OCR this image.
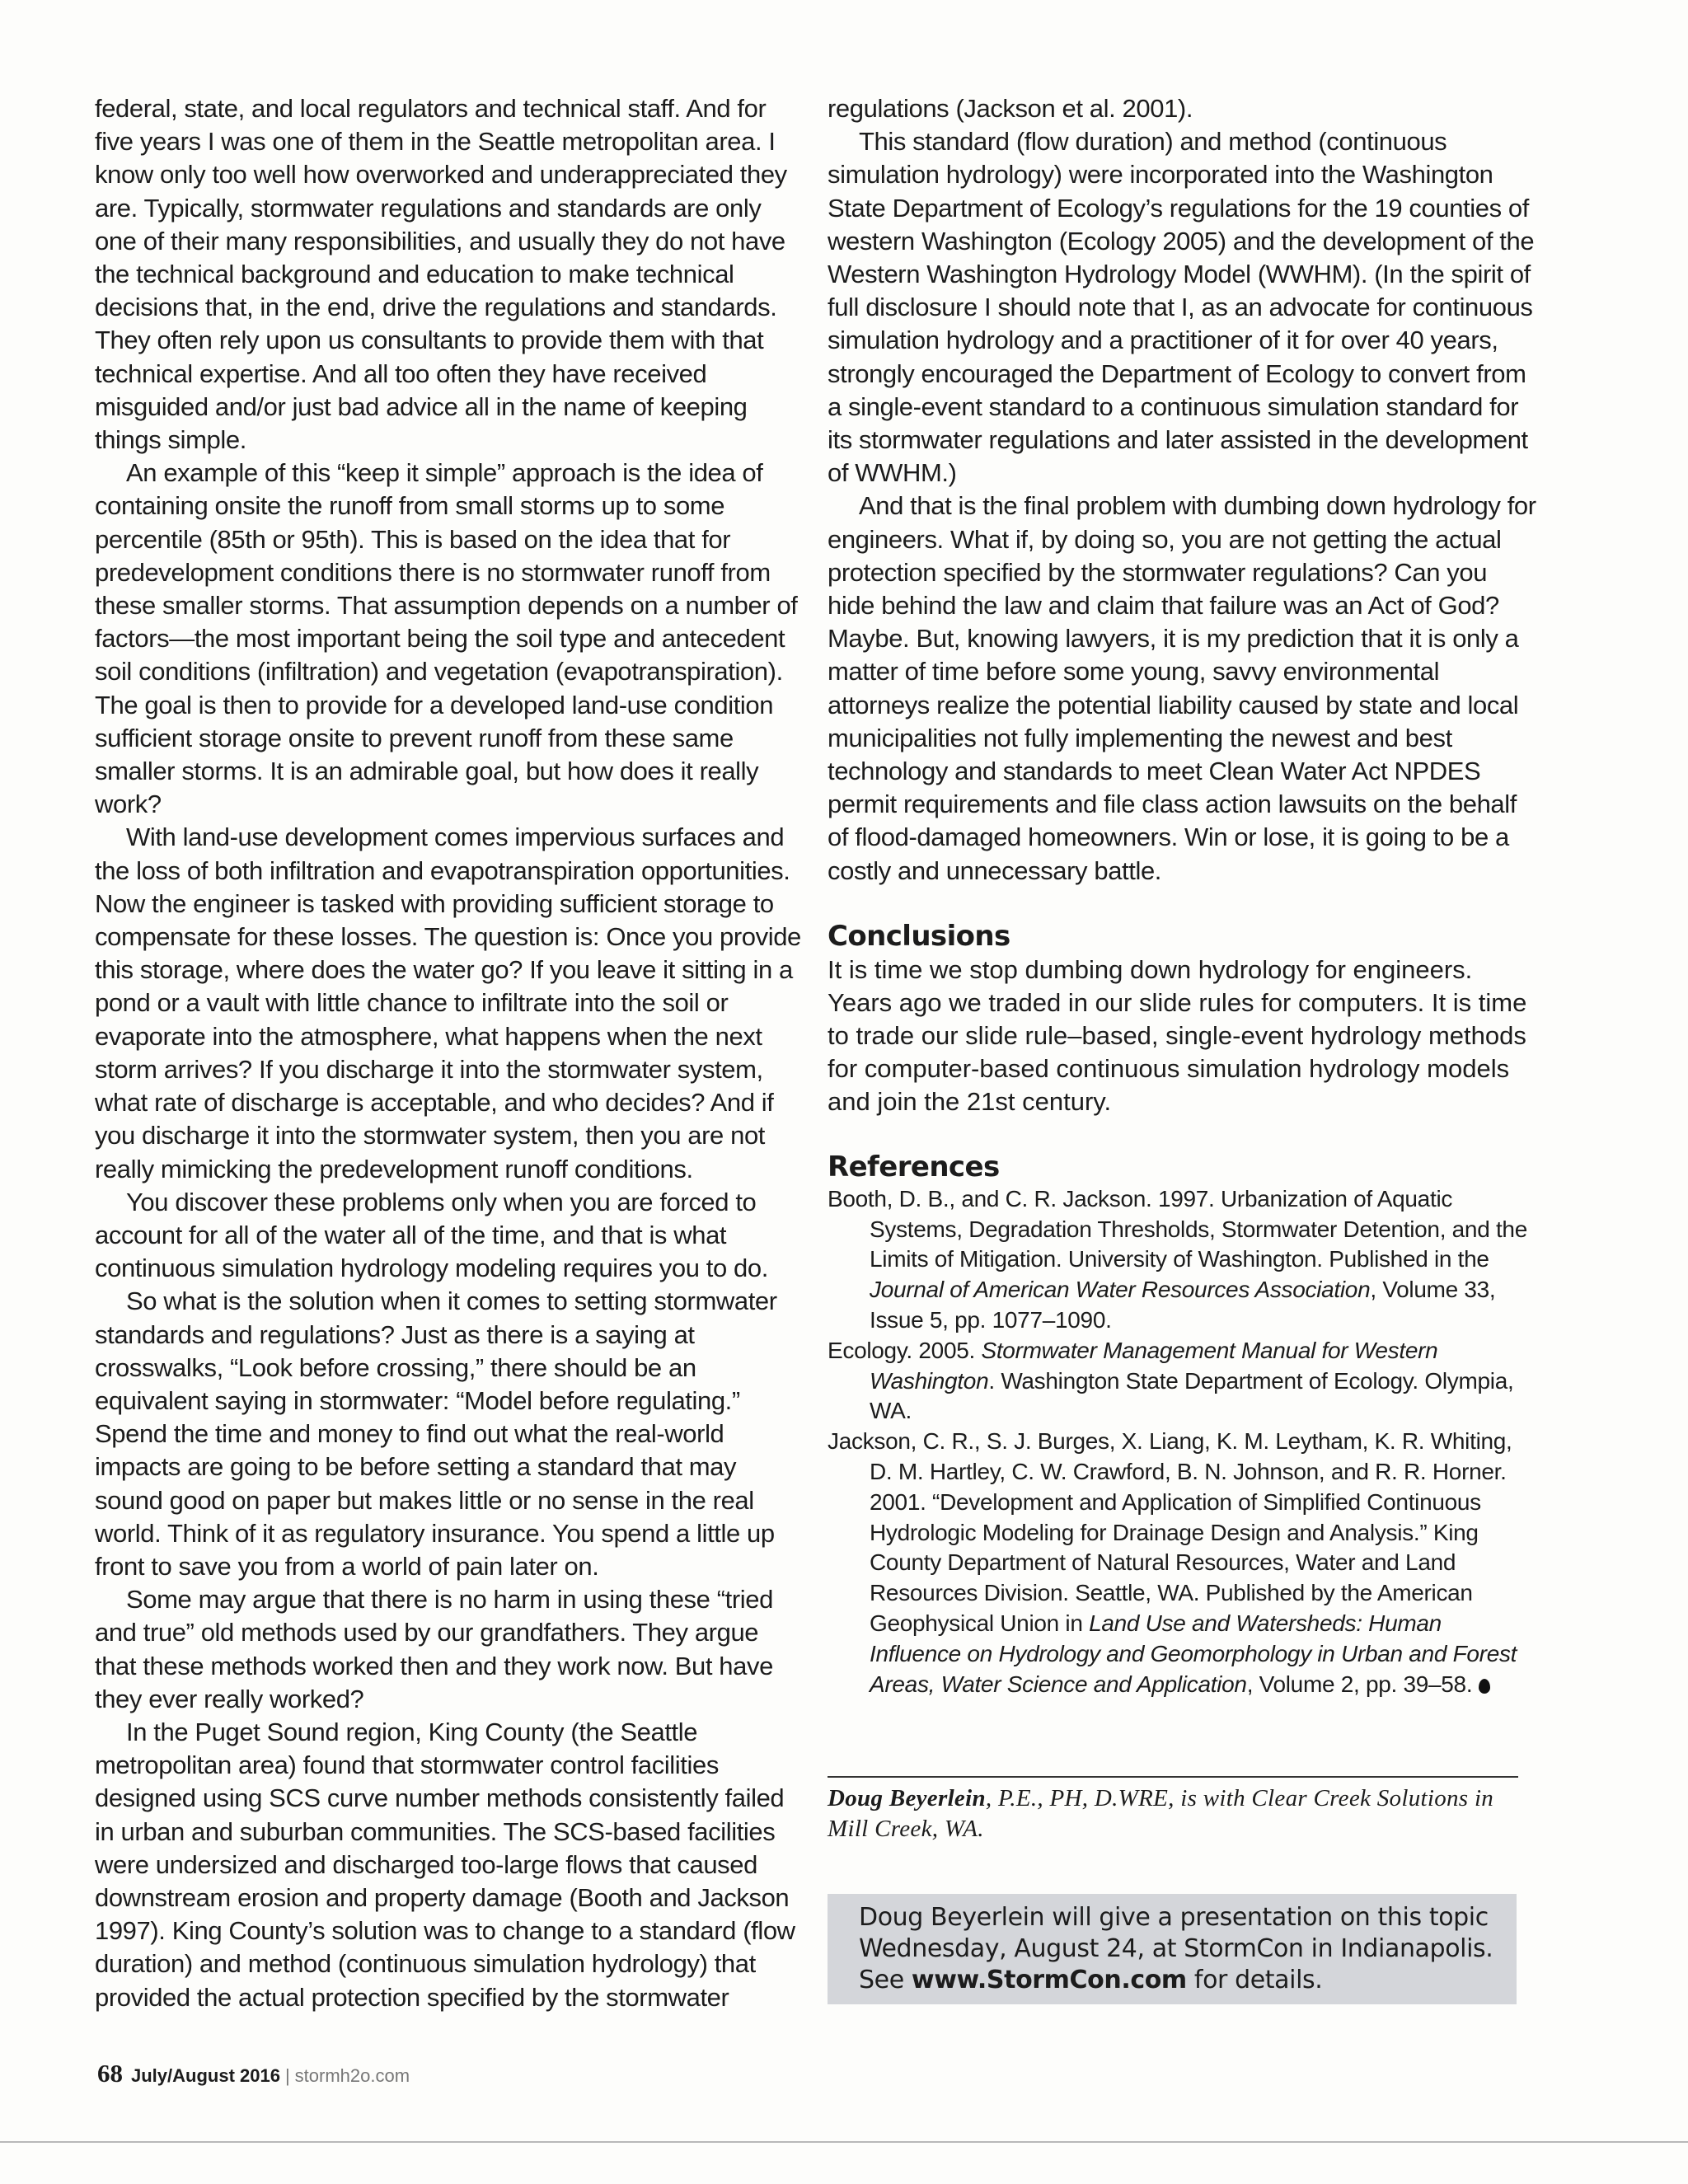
federal, state, and local regulators and technical staff. And for five years I was one of them in the Seattle metropolitan area. I know only too well how overworked and underappreciated they are. Typically, stormwater regulations and standards are only one of their many responsibilities, and usually they do not have the technical background and education to make technical decisions that, in the end, drive the regulations and standards. They often rely upon us consultants to provide them with that technical expertise. And all too often they have received misguided and/or just bad advice all in the name of keeping things simple.

An example of this “keep it simple” approach is the idea of containing onsite the runoff from small storms up to some percentile (85th or 95th). This is based on the idea that for predevelopment conditions there is no stormwater runoff from these smaller storms. That assumption depends on a number of factors—the most important being the soil type and antecedent soil conditions (infiltration) and vegetation (evapotranspiration). The goal is then to provide for a developed land-use condition sufficient storage onsite to prevent runoff from these same smaller storms. It is an admirable goal, but how does it really work?

With land-use development comes impervious surfaces and the loss of both infiltration and evapotranspiration opportunities. Now the engineer is tasked with providing sufficient storage to compensate for these losses. The question is: Once you provide this storage, where does the water go? If you leave it sitting in a pond or a vault with little chance to infiltrate into the soil or evaporate into the atmosphere, what happens when the next storm arrives? If you discharge it into the stormwater system, what rate of discharge is acceptable, and who decides? And if you discharge it into the stormwater system, then you are not really mimicking the predevelopment runoff conditions.

You discover these problems only when you are forced to account for all of the water all of the time, and that is what continuous simulation hydrology modeling requires you to do.

So what is the solution when it comes to setting stormwater standards and regulations? Just as there is a saying at crosswalks, “Look before crossing,” there should be an equivalent saying in stormwater: “Model before regulating.” Spend the time and money to find out what the real-world impacts are going to be before setting a standard that may sound good on paper but makes little or no sense in the real world. Think of it as regulatory insurance. You spend a little up front to save you from a world of pain later on.

Some may argue that there is no harm in using these “tried and true” old methods used by our grandfathers. They argue that these methods worked then and they work now. But have they ever really worked?

In the Puget Sound region, King County (the Seattle metropolitan area) found that stormwater control facilities designed using SCS curve number methods consistently failed in urban and suburban communities. The SCS-based facilities were undersized and discharged too-large flows that caused downstream erosion and property damage (Booth and Jackson 1997). King County’s solution was to change to a standard (flow duration) and method (continuous simulation hydrology) that provided the actual protection specified by the stormwater

regulations (Jackson et al. 2001).

This standard (flow duration) and method (continuous simulation hydrology) were incorporated into the Washington State Department of Ecology’s regulations for the 19 counties of western Washington (Ecology 2005) and the development of the Western Washington Hydrology Model (WWHM). (In the spirit of full disclosure I should note that I, as an advocate for continuous simulation hydrology and a practitioner of it for over 40 years, strongly encouraged the Department of Ecology to convert from a single-event standard to a continuous simulation standard for its stormwater regulations and later assisted in the development of WWHM.)

And that is the final problem with dumbing down hydrology for engineers. What if, by doing so, you are not getting the actual protection specified by the stormwater regulations? Can you hide behind the law and claim that failure was an Act of God? Maybe. But, knowing lawyers, it is my prediction that it is only a matter of time before some young, savvy environmental attorneys realize the potential liability caused by state and local municipalities not fully implementing the newest and best technology and standards to meet Clean Water Act NPDES permit requirements and file class action lawsuits on the behalf of flood-damaged homeowners. Win or lose, it is going to be a costly and unnecessary battle.

Conclusions

It is time we stop dumbing down hydrology for engineers. Years ago we traded in our slide rules for computers. It is time to trade our slide rule–based, single-event hydrology methods for computer-based continuous simulation hydrology models and join the 21st century.

References

Booth, D. B., and C. R. Jackson. 1997. Urbanization of Aquatic Systems, Degradation Thresholds, Stormwater Detention, and the Limits of Mitigation. University of Washington. Published in the Journal of American Water Resources Association, Volume 33, Issue 5, pp. 1077–1090.

Ecology. 2005. Stormwater Management Manual for Western Washington. Washington State Department of Ecology. Olympia, WA.

Jackson, C. R., S. J. Burges, X. Liang, K. M. Leytham, K. R. Whiting, D. M. Hartley, C. W. Crawford, B. N. Johnson, and R. R. Horner. 2001. “Development and Application of Simplified Continuous Hydrologic Modeling for Drainage Design and Analysis.” King County Department of Natural Resources, Water and Land Resources Division. Seattle, WA. Published by the American Geophysical Union in Land Use and Watersheds: Human Influence on Hydrology and Geomorphology in Urban and Forest Areas, Water Science and Application, Volume 2, pp. 39–58.

Doug Beyerlein, P.E., PH, D.WRE, is with Clear Creek Solutions in Mill Creek, WA.
Doug Beyerlein will give a presentation on this topic Wednesday, August 24, at StormCon in Indianapolis. See www.StormCon.com for details.
68 July/August 2016 | stormh2o.com
